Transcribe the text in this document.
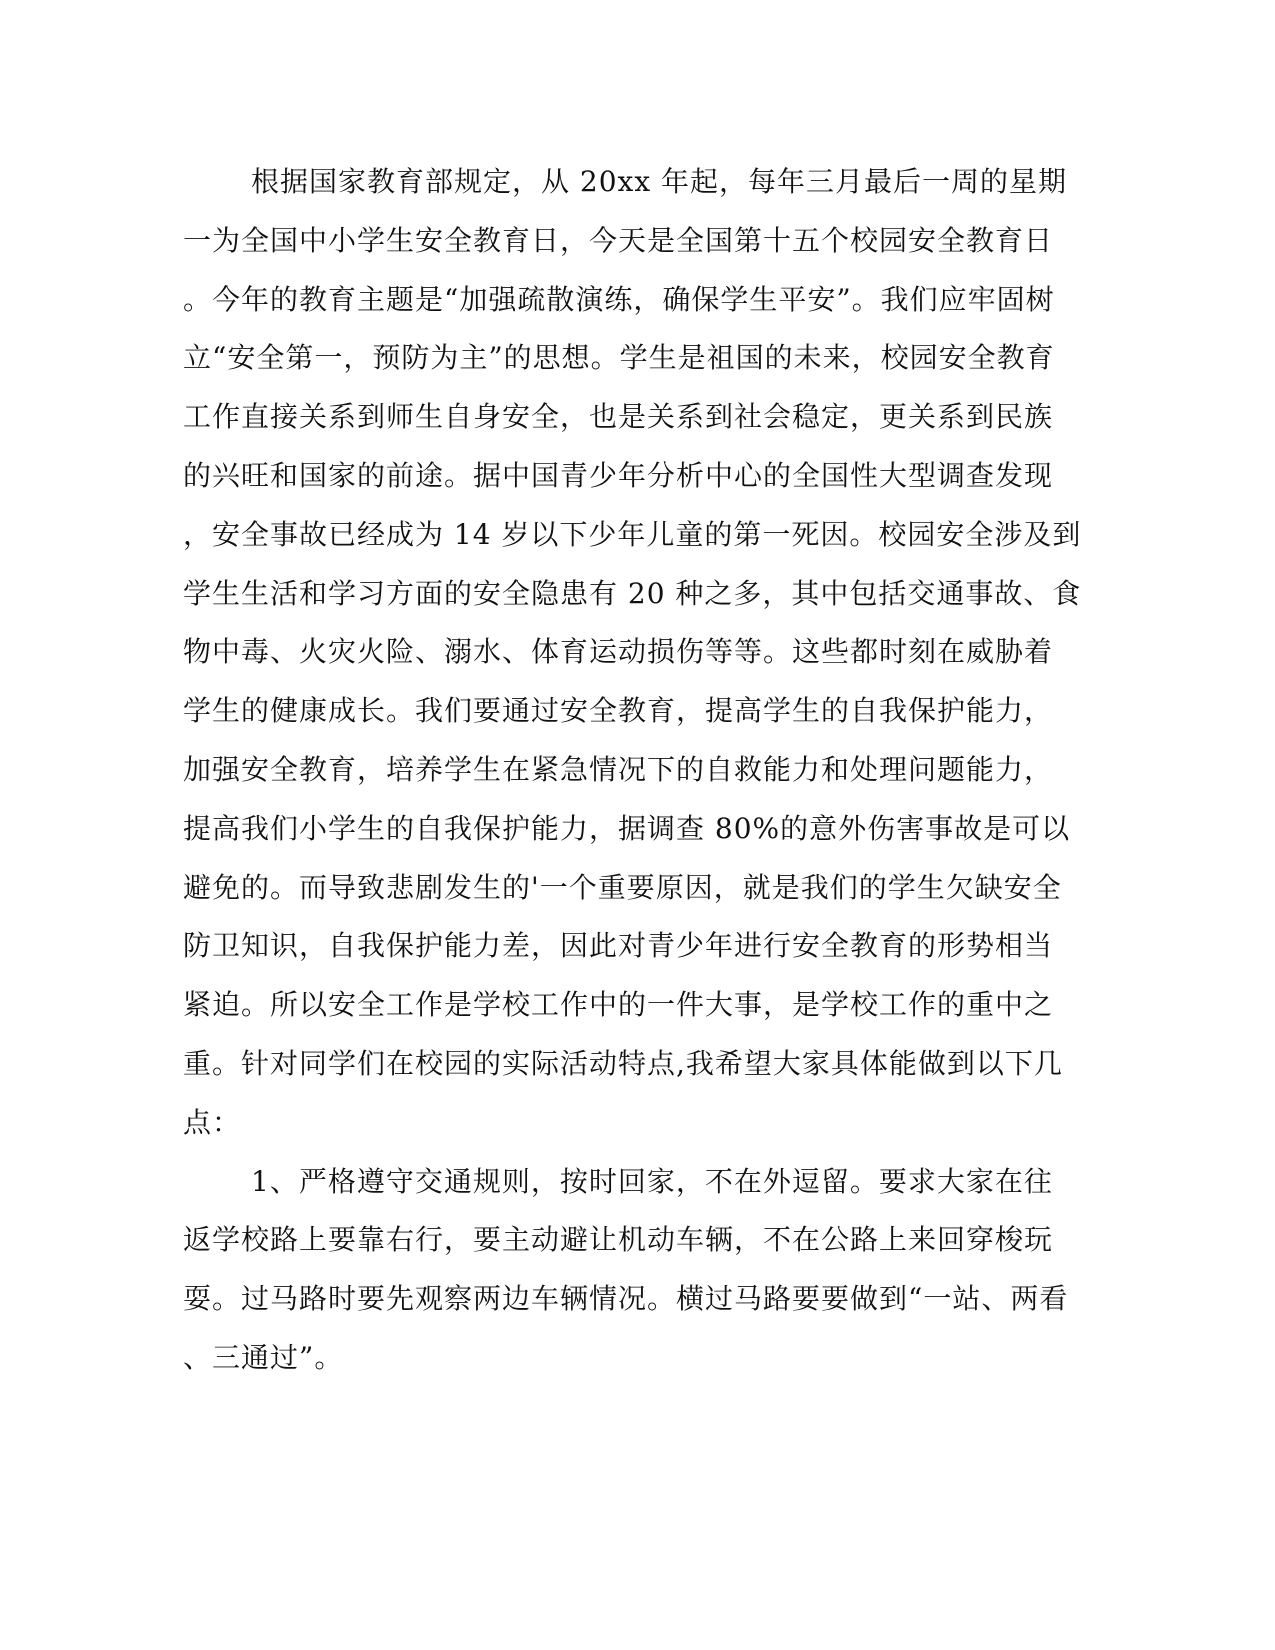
根据国家教育部规定，从 20xx 年起，每年三月最后一周的星期
一为全国中小学生安全教育日，今天是全国第十五个校园安全教育日
。今年的教育主题是“加强疏散演练，确保学生平安”。我们应牢固树
立“安全第一，预防为主”的思想。学生是祖国的未来，校园安全教育
工作直接关系到师生自身安全，也是关系到社会稳定，更关系到民族
的兴旺和国家的前途。据中国青少年分析中心的全国性大型调查发现
，安全事故已经成为 14 岁以下少年儿童的第一死因。校园安全涉及到
学生生活和学习方面的安全隐患有 20 种之多，其中包括交通事故、食
物中毒、火灾火险、溺水、体育运动损伤等等。这些都时刻在威胁着
学生的健康成长。我们要通过安全教育，提高学生的自我保护能力，
加强安全教育，培养学生在紧急情况下的自救能力和处理问题能力，
提高我们小学生的自我保护能力，据调查 80%的意外伤害事故是可以
避免的。而导致悲剧发生的'一个重要原因，就是我们的学生欠缺安全
防卫知识，自我保护能力差，因此对青少年进行安全教育的形势相当
紧迫。所以安全工作是学校工作中的一件大事，是学校工作的重中之
重。针对同学们在校园的实际活动特点,我希望大家具体能做到以下几
点：
1、严格遵守交通规则，按时回家，不在外逗留。要求大家在往
返学校路上要靠右行，要主动避让机动车辆，不在公路上来回穿梭玩
耍。过马路时要先观察两边车辆情况。横过马路要要做到“一站、两看
、三通过”。
